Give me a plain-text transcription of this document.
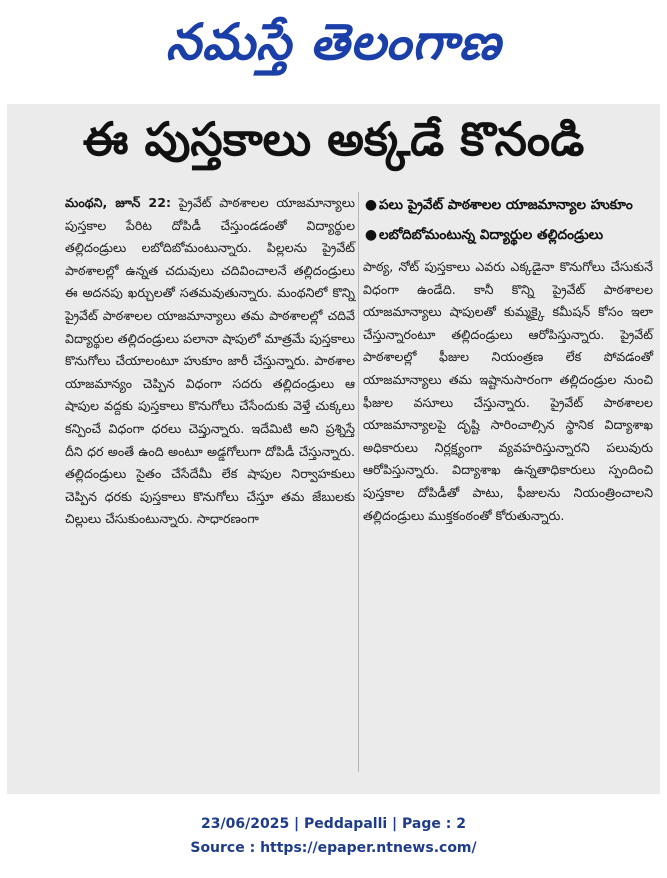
నమస్తే తెలంగాణ
ఈ పుస్తకాలు అక్కడే కొనండి

మంథని, జూన్ 22: ప్రైవేట్ పాఠశాలల యాజమాన్యాలు పుస్తకాల పేరిట దోపిడీ చేస్తుండడంతో విద్యార్థుల తల్లిదండ్రులు లబోదిబోమంటున్నారు. పిల్లలను ప్రైవేట్ పాఠశాలల్లో ఉన్నత చదువులు చదివించాలనే తల్లిదండ్రులు ఈ అదనపు ఖర్చులతో సతమవుతున్నారు. మంథనిలో కొన్ని ప్రైవేట్ పాఠశాలల యాజమాన్యాలు తమ పాఠశాలల్లో చదివే విద్యార్థుల తల్లిదండ్రులు పలానా షాపులో మాత్రమే పుస్తకాలు కొనుగోలు చేయాలంటూ హుకూం జారీ చేస్తున్నారు. పాఠశాల యాజమాన్యం చెప్పిన విధంగా సదరు తల్లిదండ్రులు ఆ షాపుల వద్దకు పుస్తకాలు కొనుగోలు చేసేందుకు వెళ్తే చుక్కలు కన్పించే విధంగా ధరలు చెప్తున్నారు. ఇదేమిటి అని ప్రశ్నిస్తే దీని ధర అంతే ఉంది అంటూ అడ్డగోలుగా దోపిడీ చేస్తున్నారు. తల్లిదండ్రులు సైతం చేసేదేమీ లేక షాపుల నిర్వాహకులు చెప్పిన ధరకు పుస్తకాలు కొనుగోలు చేస్తూ తమ జేబులకు చిల్లులు చేసుకుంటున్నారు. సాధారణంగా

● పలు ప్రైవేట్ పాఠశాలల యాజమాన్యాల హుకూం
● లబోదిబోమంటున్న విద్యార్థుల తల్లిదండ్రులు

పాఠ్య, నోట్ పుస్తకాలు ఎవరు ఎక్కడైనా కొనుగోలు చేసుకునే విధంగా ఉండేది. కానీ కొన్ని ప్రైవేట్ పాఠశాలల యాజమాన్యాలు షాపులతో కుమ్మక్కై కమీషన్ కోసం ఇలా చేస్తున్నారంటూ తల్లిదండ్రులు ఆరోపిస్తున్నారు. ప్రైవేట్ పాఠశాలల్లో ఫీజుల నియంత్రణ లేక పోవడంతో యాజమాన్యాలు తమ ఇష్టానుసారంగా తల్లిదండ్రుల నుంచి ఫీజుల వసూలు చేస్తున్నారు. ప్రైవేట్ పాఠశాలల యాజమాన్యాలపై దృష్టి సారించాల్సిన స్థానిక విద్యాశాఖ అధికారులు నిర్లక్ష్యంగా వ్యవహరిస్తున్నారని పలువురు ఆరోపిస్తున్నారు. విద్యాశాఖ ఉన్నతాధికారులు స్పందించి పుస్తకాల దోపిడీతో పాటు, ఫీజులను నియంత్రించాలని తల్లిదండ్రులు ముక్తకంఠంతో కోరుతున్నారు.

23/06/2025 | Peddapalli | Page : 2
Source : https://epaper.ntnews.com/
